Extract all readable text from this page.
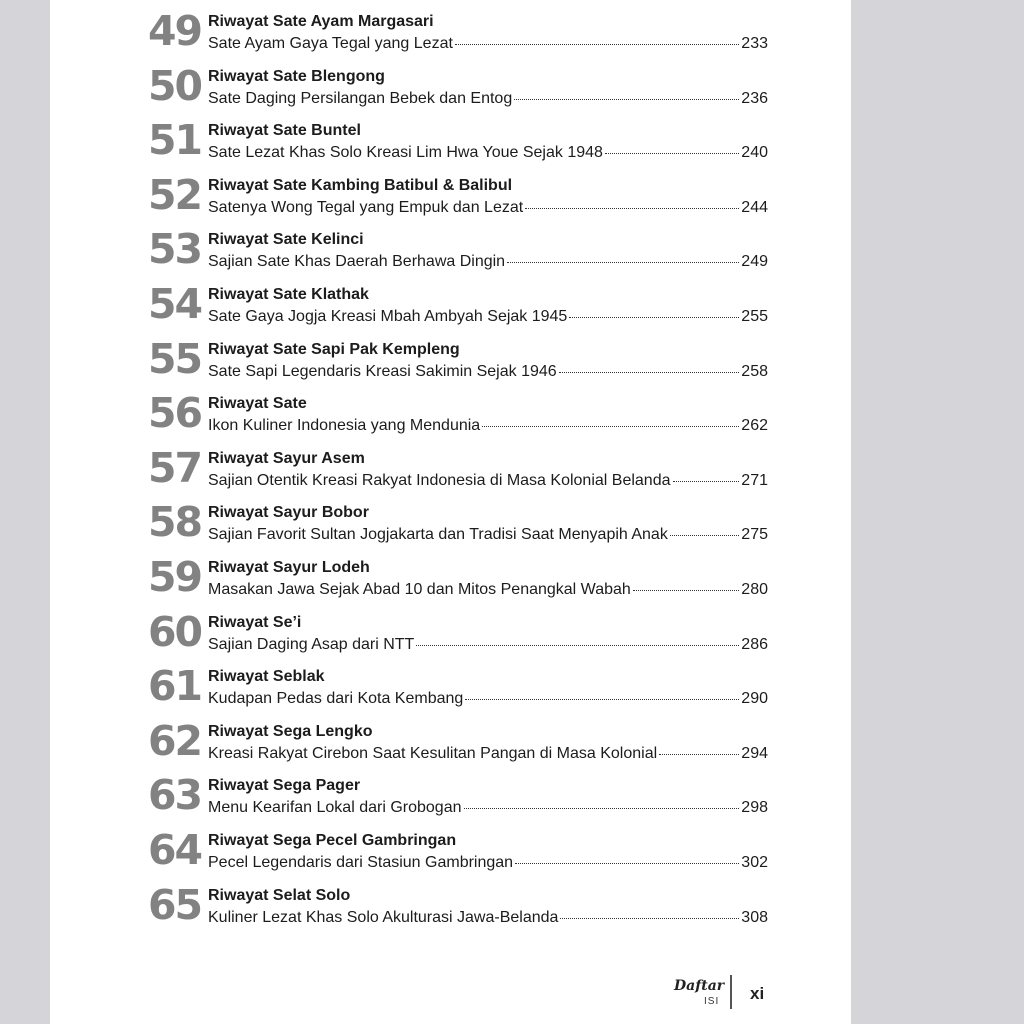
49 Riwayat Sate Ayam Margasari
Sate Ayam Gaya Tegal yang Lezat	233
50 Riwayat Sate Blengong
Sate Daging Persilangan Bebek dan Entog	236
51 Riwayat Sate Buntel
Sate Lezat Khas Solo Kreasi Lim Hwa Youe Sejak 1948	240
52 Riwayat Sate Kambing Batibul & Balibul
Satenya Wong Tegal yang Empuk dan Lezat	244
53 Riwayat Sate Kelinci
Sajian Sate Khas Daerah Berhawa Dingin	249
54 Riwayat Sate Klathak
Sate Gaya Jogja Kreasi Mbah Ambyah Sejak 1945	255
55 Riwayat Sate Sapi Pak Kempleng
Sate Sapi Legendaris Kreasi Sakimin Sejak 1946	258
56 Riwayat Sate
Ikon Kuliner Indonesia yang Mendunia	262
57 Riwayat Sayur Asem
Sajian Otentik Kreasi Rakyat Indonesia di Masa Kolonial Belanda	271
58 Riwayat Sayur Bobor
Sajian Favorit Sultan Jogjakarta dan Tradisi Saat Menyapih Anak	275
59 Riwayat Sayur Lodeh
Masakan Jawa Sejak Abad 10 dan Mitos Penangkal Wabah	280
60 Riwayat Se’i
Sajian Daging Asap dari NTT	286
61 Riwayat Seblak
Kudapan Pedas dari Kota Kembang	290
62 Riwayat Sega Lengko
Kreasi Rakyat Cirebon Saat Kesulitan Pangan di Masa Kolonial	294
63 Riwayat Sega Pager
Menu Kearifan Lokal dari Grobogan	298
64 Riwayat Sega Pecel Gambringan
Pecel Legendaris dari Stasiun Gambringan	302
65 Riwayat Selat Solo
Kuliner Lezat Khas Solo Akulturasi Jawa-Belanda	308
Daftar
ISI xi
